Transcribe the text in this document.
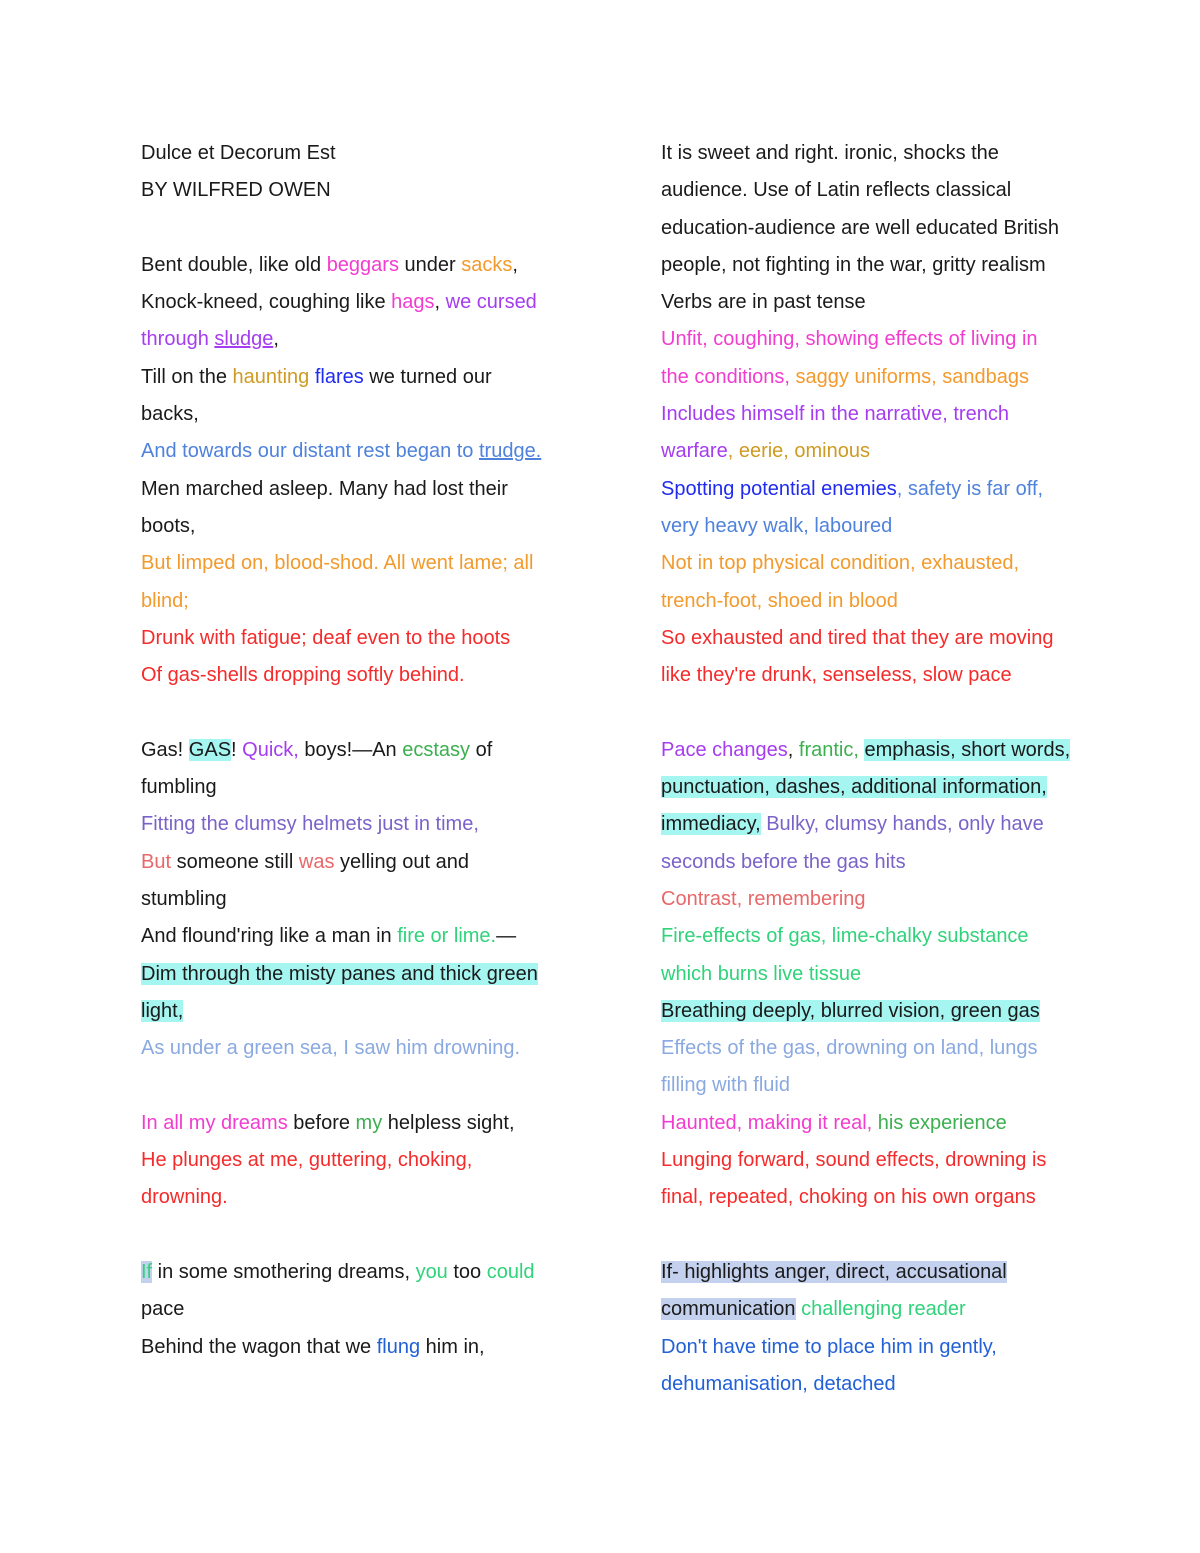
Dulce et Decorum Est
BY WILFRED OWEN
Bent double, like old beggars under sacks,
Knock-kneed, coughing like hags, we cursed
through sludge,
Till on the haunting flares we turned our
backs,
And towards our distant rest began to trudge.
Men marched asleep. Many had lost their
boots,
But limped on, blood-shod. All went lame; all
blind;
Drunk with fatigue; deaf even to the hoots
Of gas-shells dropping softly behind.
Gas! GAS! Quick, boys!—An ecstasy of
fumbling
Fitting the clumsy helmets just in time,
But someone still was yelling out and
stumbling
And flound'ring like a man in fire or lime.—
Dim through the misty panes and thick green
light,
As under a green sea, I saw him drowning.
In all my dreams before my helpless sight,
He plunges at me, guttering, choking,
drowning.
If in some smothering dreams, you too could
pace
Behind the wagon that we flung him in,
It is sweet and right. ironic, shocks the
audience. Use of Latin reflects classical
education-audience are well educated British
people, not fighting in the war, gritty realism
Verbs are in past tense
Unfit, coughing, showing effects of living in
the conditions, saggy uniforms, sandbags
Includes himself in the narrative, trench
warfare, eerie, ominous
Spotting potential enemies, safety is far off,
very heavy walk, laboured
Not in top physical condition, exhausted,
trench-foot, shoed in blood
So exhausted and tired that they are moving
like they're drunk, senseless, slow pace
Pace changes, frantic, emphasis, short words,
punctuation, dashes, additional information,
immediacy, Bulky, clumsy hands, only have
seconds before the gas hits
Contrast, remembering
Fire-effects of gas, lime-chalky substance
which burns live tissue
Breathing deeply, blurred vision, green gas
Effects of the gas, drowning on land, lungs
filling with fluid
Haunted, making it real, his experience
Lunging forward, sound effects, drowning is
final, repeated, choking on his own organs
If- highlights anger, direct, accusational
communication challenging reader
Don't have time to place him in gently,
dehumanisation, detached
